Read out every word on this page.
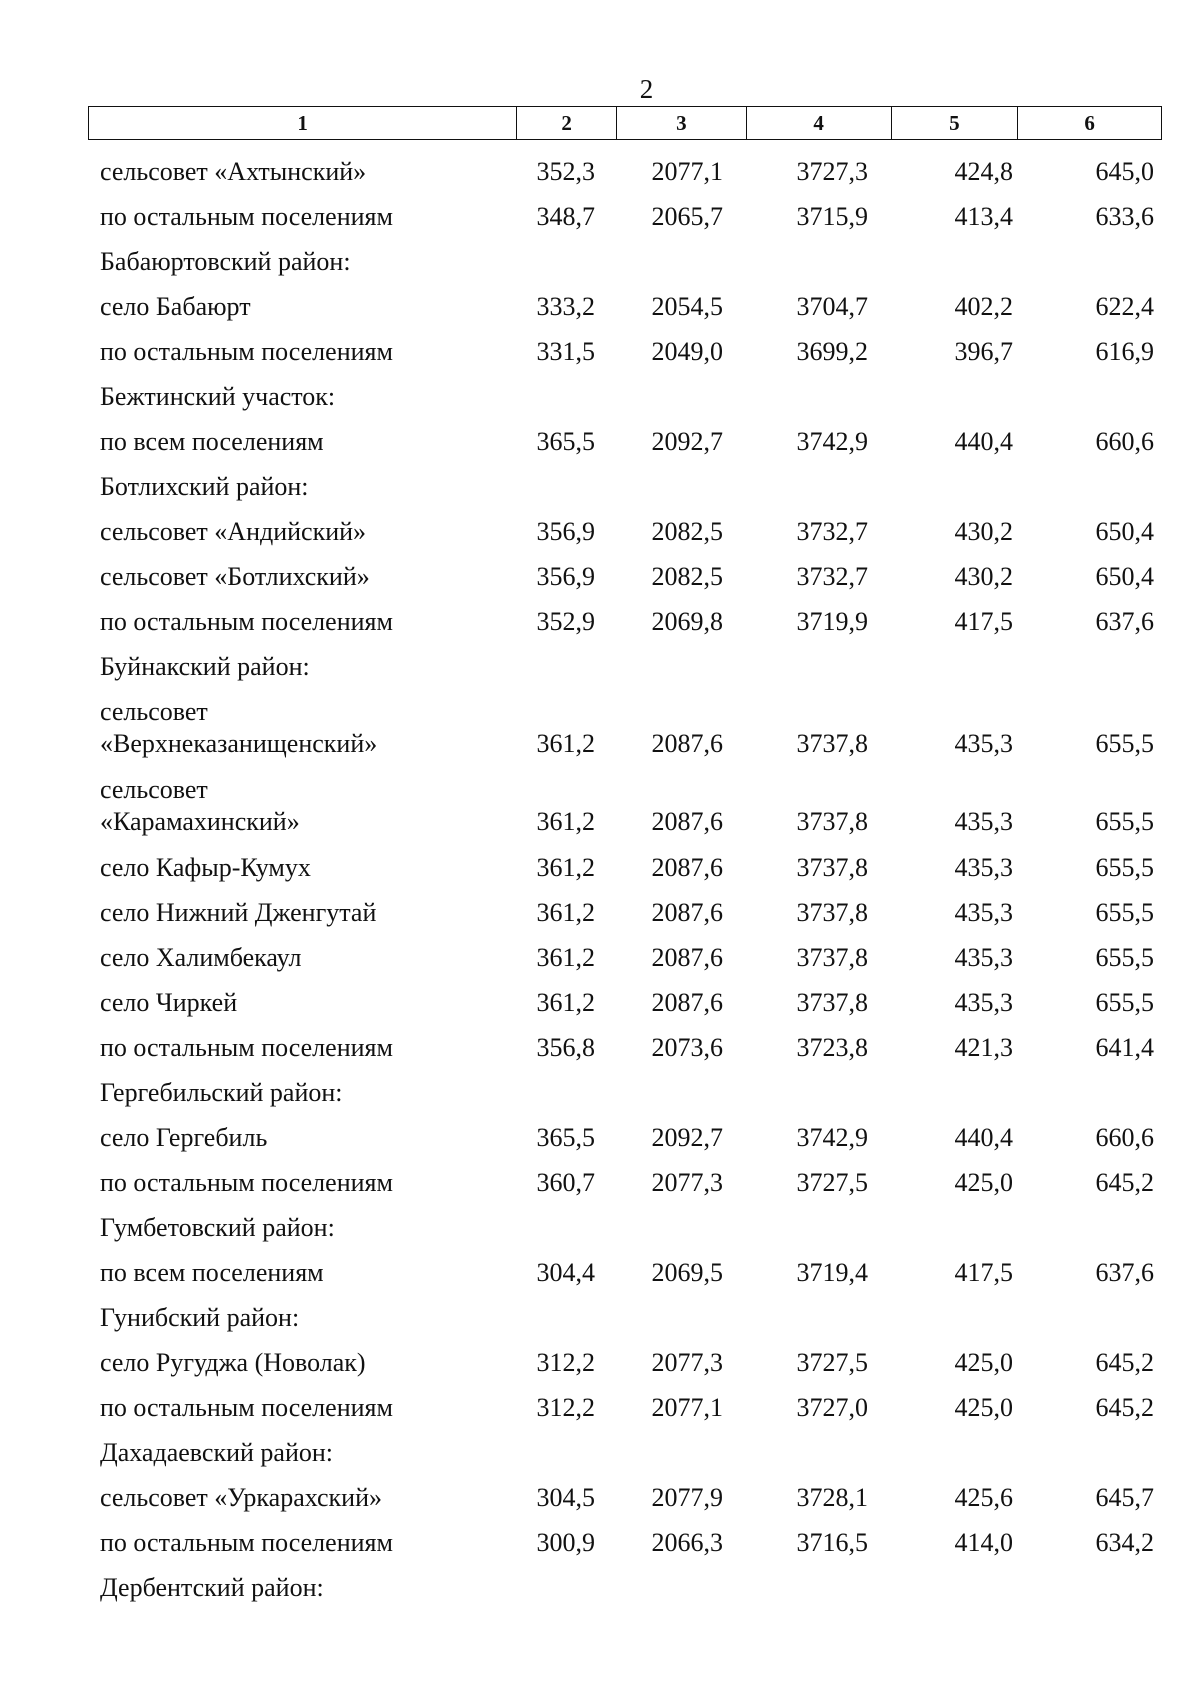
2
1	2	3	4	5	6
сельсовет «Ахтынский»	352,3	2077,1	3727,3	424,8	645,0
по остальным поселениям	348,7	2065,7	3715,9	413,4	633,6
Бабаюртовский район:
село Бабаюрт	333,2	2054,5	3704,7	402,2	622,4
по остальным поселениям	331,5	2049,0	3699,2	396,7	616,9
Бежтинский участок:
по всем поселениям	365,5	2092,7	3742,9	440,4	660,6
Ботлихский район:
сельсовет «Андийский»	356,9	2082,5	3732,7	430,2	650,4
сельсовет «Ботлихский»	356,9	2082,5	3732,7	430,2	650,4
по остальным поселениям	352,9	2069,8	3719,9	417,5	637,6
Буйнакский район:
сельсовет
«Верхнеказанищенский»	361,2	2087,6	3737,8	435,3	655,5
сельсовет
«Карамахинский»	361,2	2087,6	3737,8	435,3	655,5
село Кафыр-Кумух	361,2	2087,6	3737,8	435,3	655,5
село Нижний Дженгутай	361,2	2087,6	3737,8	435,3	655,5
село Халимбекаул	361,2	2087,6	3737,8	435,3	655,5
село Чиркей	361,2	2087,6	3737,8	435,3	655,5
по остальным поселениям	356,8	2073,6	3723,8	421,3	641,4
Гергебильский район:
село Гергебиль	365,5	2092,7	3742,9	440,4	660,6
по остальным поселениям	360,7	2077,3	3727,5	425,0	645,2
Гумбетовский район:
по всем поселениям	304,4	2069,5	3719,4	417,5	637,6
Гунибский район:
село Ругуджа (Новолак)	312,2	2077,3	3727,5	425,0	645,2
по остальным поселениям	312,2	2077,1	3727,0	425,0	645,2
Дахадаевский район:
сельсовет «Уркарахский»	304,5	2077,9	3728,1	425,6	645,7
по остальным поселениям	300,9	2066,3	3716,5	414,0	634,2
Дербентский район:
